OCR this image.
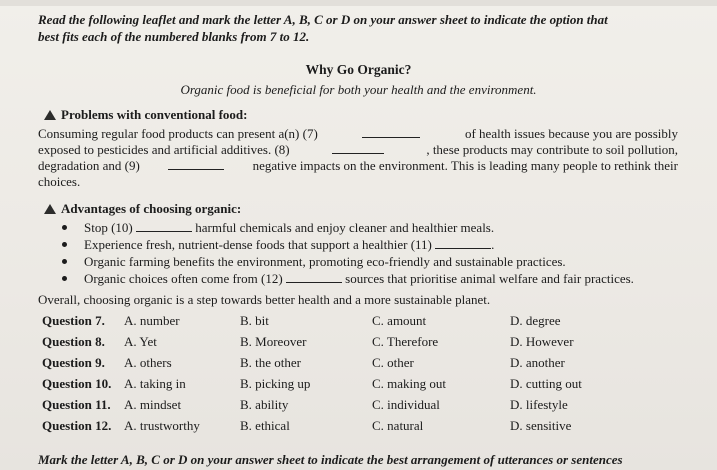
Read the following leaflet and mark the letter A, B, C or D on your answer sheet to indicate the option that
best fits each of the numbered blanks from 7 to 12.
Why Go Organic?
Organic food is beneficial for both your health and the environment.
Problems with conventional food:
Consuming regular food products can present a(n) (7)	of health issues because you are possibly
exposed to pesticides and artificial additives. (8)	, these products may contribute to soil pollution,
degradation and (9)	negative impacts on the environment. This is leading many people to rethink their
choices.
Advantages of choosing organic:
Stop (10)	harmful chemicals and enjoy cleaner and healthier meals.
Experience fresh, nutrient-dense foods that support a healthier (11)	.
Organic farming benefits the environment, promoting eco-friendly and sustainable practices.
Organic choices often come from (12)	sources that prioritise animal welfare and fair practices.
Overall, choosing organic is a step towards better health and a more sustainable planet.
Question 7. A. number	B. bit	C. amount	D. degree
Question 8. A. Yet	B. Moreover	C. Therefore	D. However
Question 9. A. others	B. the other	C. other	D. another
Question 10. A. taking in	B. picking up	C. making out	D. cutting out
Question 11. A. mindset	B. ability	C. individual	D. lifestyle
Question 12. A. trustworthy	B. ethical	C. natural	D. sensitive
Mark the letter A, B, C or D on your answer sheet to indicate the best arrangement of utterances or sentences
